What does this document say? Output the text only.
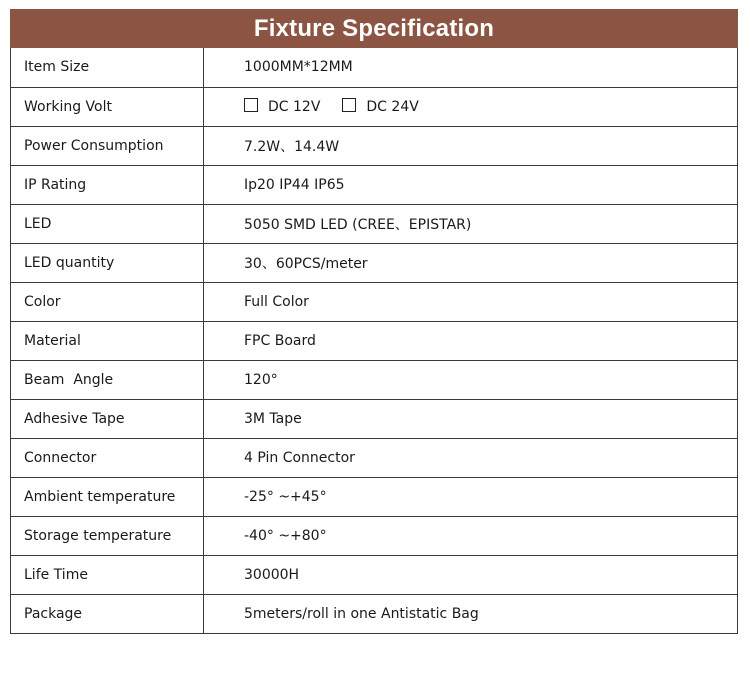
Fixture Specification
Item Size	1000MM*12MM
Working Volt	DC 12V DC 24V
Power Consumption	7.2W、14.4W
IP Rating	Ip20 IP44 IP65
LED	5050 SMD LED (CREE、EPISTAR)
LED quantity	30、60PCS/meter
Color	Full Color
Material	FPC Board
Beam  Angle	120°
Adhesive Tape	3M Tape
Connector	4 Pin Connector
Ambient temperature	-25° ~+45°
Storage temperature	-40° ~+80°
Life Time	30000H
Package	5meters/roll in one Antistatic Bag
